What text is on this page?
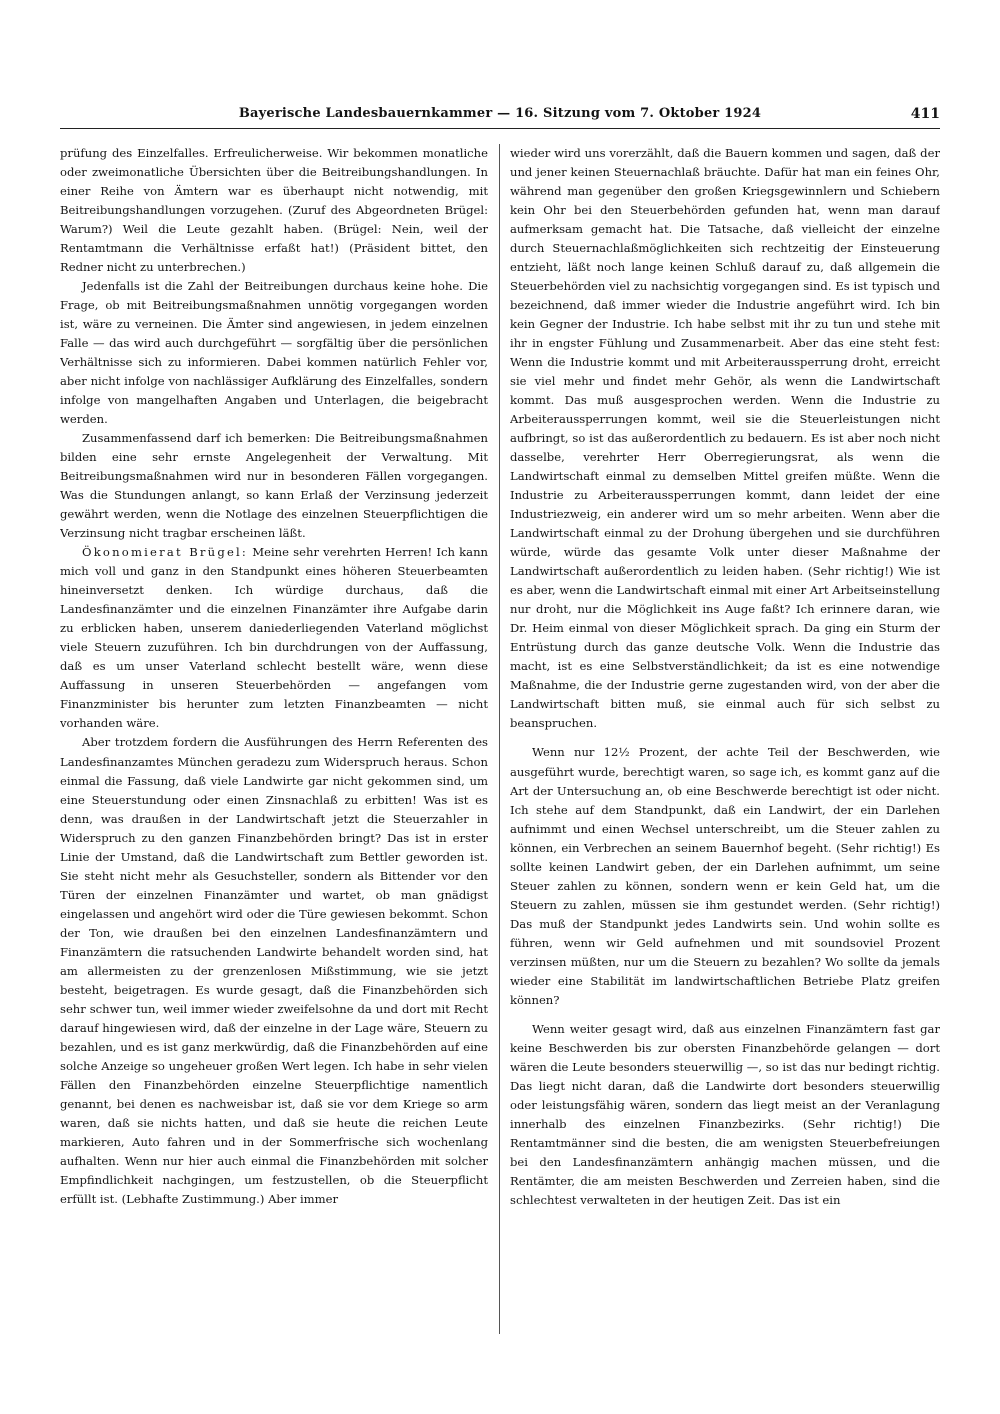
Bayerische Landesbauernkammer — 16. Sitzung vom 7. Oktober 1924	411

prüfung des Einzelfalles. Erfreulicherweise. Wir bekommen monatliche oder zweimonatliche Übersichten über die Beitreibungshandlungen. In einer Reihe von Ämtern war es überhaupt nicht notwendig, mit Beitreibungshandlungen vorzugehen. (Zuruf des Abgeordneten Brügel: Warum?) Weil die Leute gezahlt haben. (Brügel: Nein, weil der Rentamtmann die Verhältnisse erfaßt hat!) (Präsident bittet, den Redner nicht zu unterbrechen.)

Jedenfalls ist die Zahl der Beitreibungen durchaus keine hohe. Die Frage, ob mit Beitreibungsmaßnahmen unnötig vorgegangen worden ist, wäre zu verneinen. Die Ämter sind angewiesen, in jedem einzelnen Falle — das wird auch durchgeführt — sorgfältig über die persönlichen Verhältnisse sich zu informieren. Dabei kommen natürlich Fehler vor, aber nicht infolge von nachlässiger Aufklärung des Einzelfalles, sondern infolge von mangelhaften Angaben und Unterlagen, die beigebracht werden.

Zusammenfassend darf ich bemerken: Die Beitreibungsmaßnahmen bilden eine sehr ernste Angelegenheit der Verwaltung. Mit Beitreibungsmaßnahmen wird nur in besonderen Fällen vorgegangen. Was die Stundungen anlangt, so kann Erlaß der Verzinsung jederzeit gewährt werden, wenn die Notlage des einzelnen Steuerpflichtigen die Verzinsung nicht tragbar erscheinen läßt.

Ökonomierat Brügel: Meine sehr verehrten Herren! Ich kann mich voll und ganz in den Standpunkt eines höheren Steuerbeamten hineinversetzt denken. Ich würdige durchaus, daß die Landesfinanzämter und die einzelnen Finanzämter ihre Aufgabe darin zu erblicken haben, unserem daniederliegenden Vaterland möglichst viele Steuern zuzuführen. Ich bin durchdrungen von der Auffassung, daß es um unser Vaterland schlecht bestellt wäre, wenn diese Auffassung in unseren Steuerbehörden — angefangen vom Finanzminister bis herunter zum letzten Finanzbeamten — nicht vorhanden wäre.

Aber trotzdem fordern die Ausführungen des Herrn Referenten des Landesfinanzamtes München geradezu zum Widerspruch heraus. Schon einmal die Fassung, daß viele Landwirte gar nicht gekommen sind, um eine Steuerstundung oder einen Zinsnachlaß zu erbitten! Was ist es denn, was draußen in der Landwirtschaft jetzt die Steuerzahler in Widerspruch zu den ganzen Finanzbehörden bringt? Das ist in erster Linie der Umstand, daß die Landwirtschaft zum Bettler geworden ist. Sie steht nicht mehr als Gesuchsteller, sondern als Bittender vor den Türen der einzelnen Finanzämter und wartet, ob man gnädigst eingelassen und angehört wird oder die Türe gewiesen bekommt. Schon der Ton, wie draußen bei den einzelnen Landesfinanzämtern und Finanzämtern die ratsuchenden Landwirte behandelt worden sind, hat am allermeisten zu der grenzenlosen Mißstimmung, wie sie jetzt besteht, beigetragen. Es wurde gesagt, daß die Finanzbehörden sich sehr schwer tun, weil immer wieder zweifelsohne da und dort mit Recht darauf hingewiesen wird, daß der einzelne in der Lage wäre, Steuern zu bezahlen, und es ist ganz merkwürdig, daß die Finanzbehörden auf eine solche Anzeige so ungeheuer großen Wert legen. Ich habe in sehr vielen Fällen den Finanzbehörden einzelne Steuerpflichtige namentlich genannt, bei denen es nachweisbar ist, daß sie vor dem Kriege so arm waren, daß sie nichts hatten, und daß sie heute die reichen Leute markieren, Auto fahren und in der Sommerfrische sich wochenlang aufhalten. Wenn nur hier auch einmal die Finanzbehörden mit solcher Empfindlichkeit nachgingen, um festzustellen, ob die Steuerpflicht erfüllt ist. (Lebhafte Zustimmung.) Aber immer

wieder wird uns vorerzählt, daß die Bauern kommen und sagen, daß der und jener keinen Steuernachlaß bräuchte. Dafür hat man ein feines Ohr, während man gegenüber den großen Kriegsgewinnlern und Schiebern kein Ohr bei den Steuerbehörden gefunden hat, wenn man darauf aufmerksam gemacht hat. Die Tatsache, daß vielleicht der einzelne durch Steuernachlaßmöglichkeiten sich rechtzeitig der Einsteuerung entzieht, läßt noch lange keinen Schluß darauf zu, daß allgemein die Steuerbehörden viel zu nachsichtig vorgegangen sind. Es ist typisch und bezeichnend, daß immer wieder die Industrie angeführt wird. Ich bin kein Gegner der Industrie. Ich habe selbst mit ihr zu tun und stehe mit ihr in engster Fühlung und Zusammenarbeit. Aber das eine steht fest: Wenn die Industrie kommt und mit Arbeiteraussperrung droht, erreicht sie viel mehr und findet mehr Gehör, als wenn die Landwirtschaft kommt. Das muß ausgesprochen werden. Wenn die Industrie zu Arbeiteraussperrungen kommt, weil sie die Steuerleistungen nicht aufbringt, so ist das außerordentlich zu bedauern. Es ist aber noch nicht dasselbe, verehrter Herr Oberregierungsrat, als wenn die Landwirtschaft einmal zu demselben Mittel greifen müßte. Wenn die Industrie zu Arbeiteraussperrungen kommt, dann leidet der eine Industriezweig, ein anderer wird um so mehr arbeiten. Wenn aber die Landwirtschaft einmal zu der Drohung übergehen und sie durchführen würde, würde das gesamte Volk unter dieser Maßnahme der Landwirtschaft außerordentlich zu leiden haben. (Sehr richtig!) Wie ist es aber, wenn die Landwirtschaft einmal mit einer Art Arbeitseinstellung nur droht, nur die Möglichkeit ins Auge faßt? Ich erinnere daran, wie Dr. Heim einmal von dieser Möglichkeit sprach. Da ging ein Sturm der Entrüstung durch das ganze deutsche Volk. Wenn die Industrie das macht, ist es eine Selbstverständlichkeit; da ist es eine notwendige Maßnahme, die der Industrie gerne zugestanden wird, von der aber die Landwirtschaft bitten muß, sie einmal auch für sich selbst zu beanspruchen.

Wenn nur 12½ Prozent, der achte Teil der Beschwerden, wie ausgeführt wurde, berechtigt waren, so sage ich, es kommt ganz auf die Art der Untersuchung an, ob eine Beschwerde berechtigt ist oder nicht. Ich stehe auf dem Standpunkt, daß ein Landwirt, der ein Darlehen aufnimmt und einen Wechsel unterschreibt, um die Steuer zahlen zu können, ein Verbrechen an seinem Bauernhof begeht. (Sehr richtig!) Es sollte keinen Landwirt geben, der ein Darlehen aufnimmt, um seine Steuer zahlen zu können, sondern wenn er kein Geld hat, um die Steuern zu zahlen, müssen sie ihm gestundet werden. (Sehr richtig!) Das muß der Standpunkt jedes Landwirts sein. Und wohin sollte es führen, wenn wir Geld aufnehmen und mit soundsoviel Prozent verzinsen müßten, nur um die Steuern zu bezahlen? Wo sollte da jemals wieder eine Stabilität im landwirtschaftlichen Betriebe Platz greifen können?

Wenn weiter gesagt wird, daß aus einzelnen Finanzämtern fast gar keine Beschwerden bis zur obersten Finanzbehörde gelangen — dort wären die Leute besonders steuerwillig —, so ist das nur bedingt richtig. Das liegt nicht daran, daß die Landwirte dort besonders steuerwillig oder leistungsfähig wären, sondern das liegt meist an der Veranlagung innerhalb des einzelnen Finanzbezirks. (Sehr richtig!) Die Rentamtmänner sind die besten, die am wenigsten Steuerbefreiungen bei den Landesfinanzämtern anhängig machen müssen, und die Rentämter, die am meisten Beschwerden und Zerreien haben, sind die schlechtest verwalteten in der heutigen Zeit. Das ist ein
